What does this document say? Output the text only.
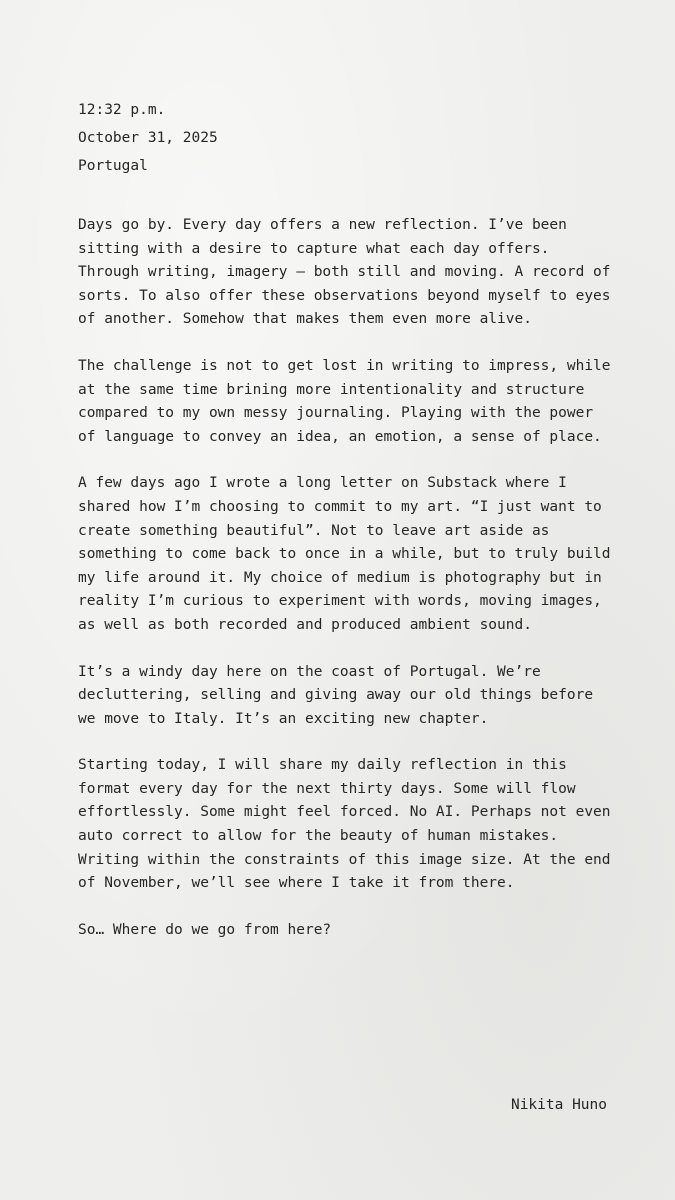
12:32 p.m.
October 31, 2025
Portugal

Days go by. Every day offers a new reflection. I’ve been sitting with a desire to capture what each day offers. Through writing, imagery — both still and moving. A record of sorts. To also offer these observations beyond myself to eyes of another. Somehow that makes them even more alive.

The challenge is not to get lost in writing to impress, while at the same time brining more intentionality and structure compared to my own messy journaling. Playing with the power of language to convey an idea, an emotion, a sense of place.

A few days ago I wrote a long letter on Substack where I shared how I’m choosing to commit to my art. “I just want to create something beautiful”. Not to leave art aside as something to come back to once in a while, but to truly build my life around it. My choice of medium is photography but in reality I’m curious to experiment with words, moving images, as well as both recorded and produced ambient sound.

It’s a windy day here on the coast of Portugal. We’re decluttering, selling and giving away our old things before we move to Italy. It’s an exciting new chapter.

Starting today, I will share my daily reflection in this format every day for the next thirty days. Some will flow effortlessly. Some might feel forced. No AI. Perhaps not even auto correct to allow for the beauty of human mistakes. Writing within the constraints of this image size. At the end of November, we’ll see where I take it from there.

So… Where do we go from here?

Nikita Huno
